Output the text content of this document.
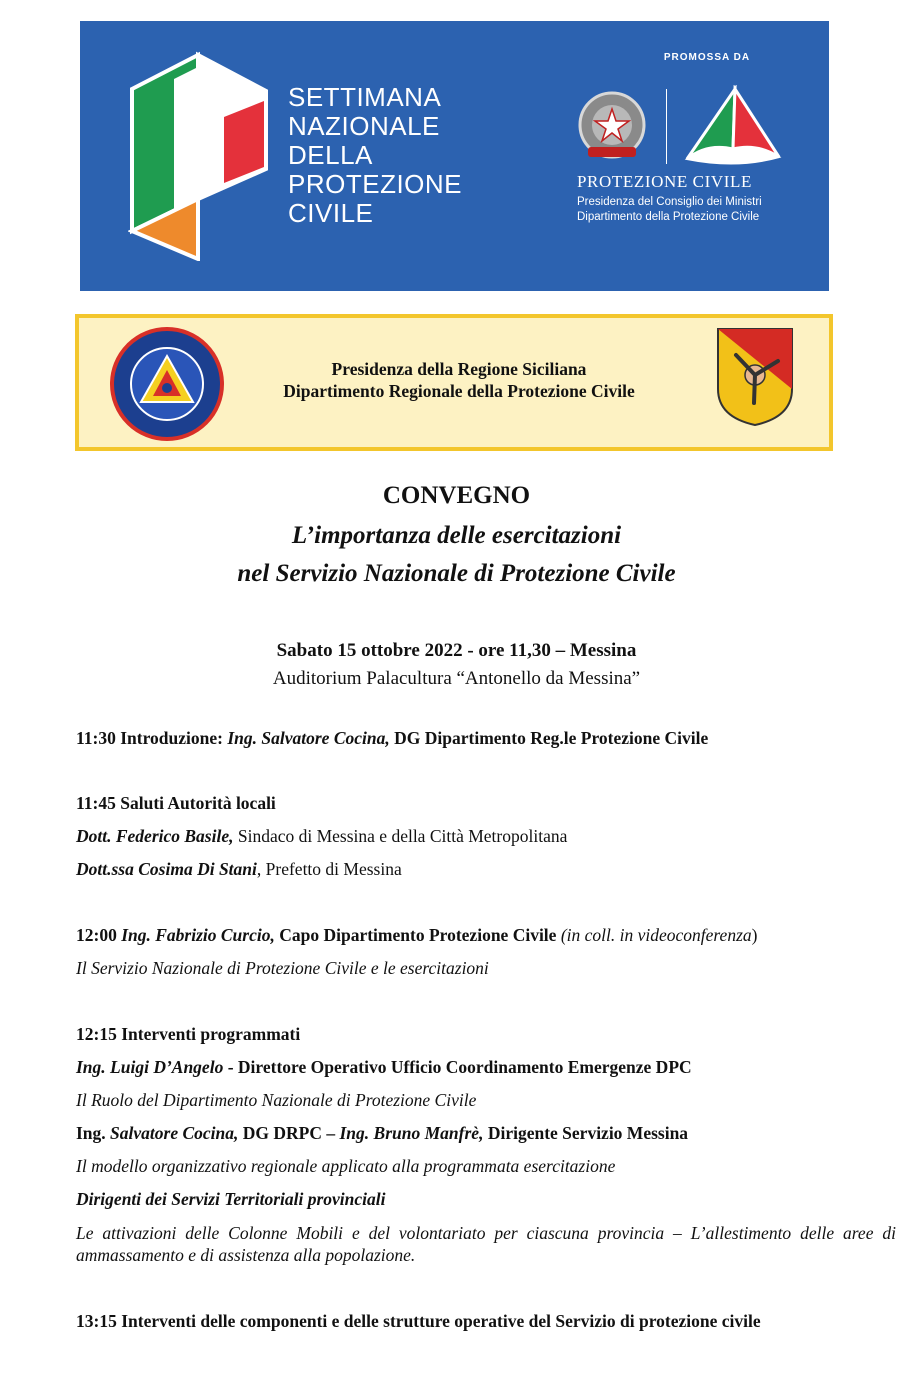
SETTIMANA
NAZIONALE
DELLA
PROTEZIONE
CIVILE
PROMOSSA DA
PROTEZIONE CIVILE
Presidenza del Consiglio dei Ministri
Dipartimento della Protezione Civile
Presidenza della Regione Siciliana
Dipartimento Regionale della Protezione Civile
CONVEGNO
L’importanza delle esercitazioni
nel Servizio Nazionale di Protezione Civile
Sabato 15 ottobre 2022 - ore 11,30 – Messina
Auditorium Palacultura “Antonello da Messina”
11:30 Introduzione: Ing. Salvatore Cocina, DG Dipartimento Reg.le Protezione Civile
11:45 Saluti Autorità locali
Dott. Federico Basile, Sindaco di Messina e della Città Metropolitana
Dott.ssa Cosima Di Stani, Prefetto di Messina
12:00 Ing. Fabrizio Curcio, Capo Dipartimento Protezione Civile (in coll. in videoconferenza)
Il Servizio Nazionale di Protezione Civile e le esercitazioni
12:15 Interventi programmati
Ing. Luigi D’Angelo - Direttore Operativo Ufficio Coordinamento Emergenze DPC
Il Ruolo del Dipartimento Nazionale di Protezione Civile
Ing. Salvatore Cocina, DG DRPC – Ing. Bruno Manfrè, Dirigente Servizio Messina
Il modello organizzativo regionale applicato alla programmata esercitazione
Dirigenti dei Servizi Territoriali provinciali
Le attivazioni delle Colonne Mobili e del volontariato per ciascuna provincia – L’allestimento delle aree di ammassamento e di assistenza alla popolazione.
13:15 Interventi delle componenti e delle strutture operative del Servizio di protezione civile
